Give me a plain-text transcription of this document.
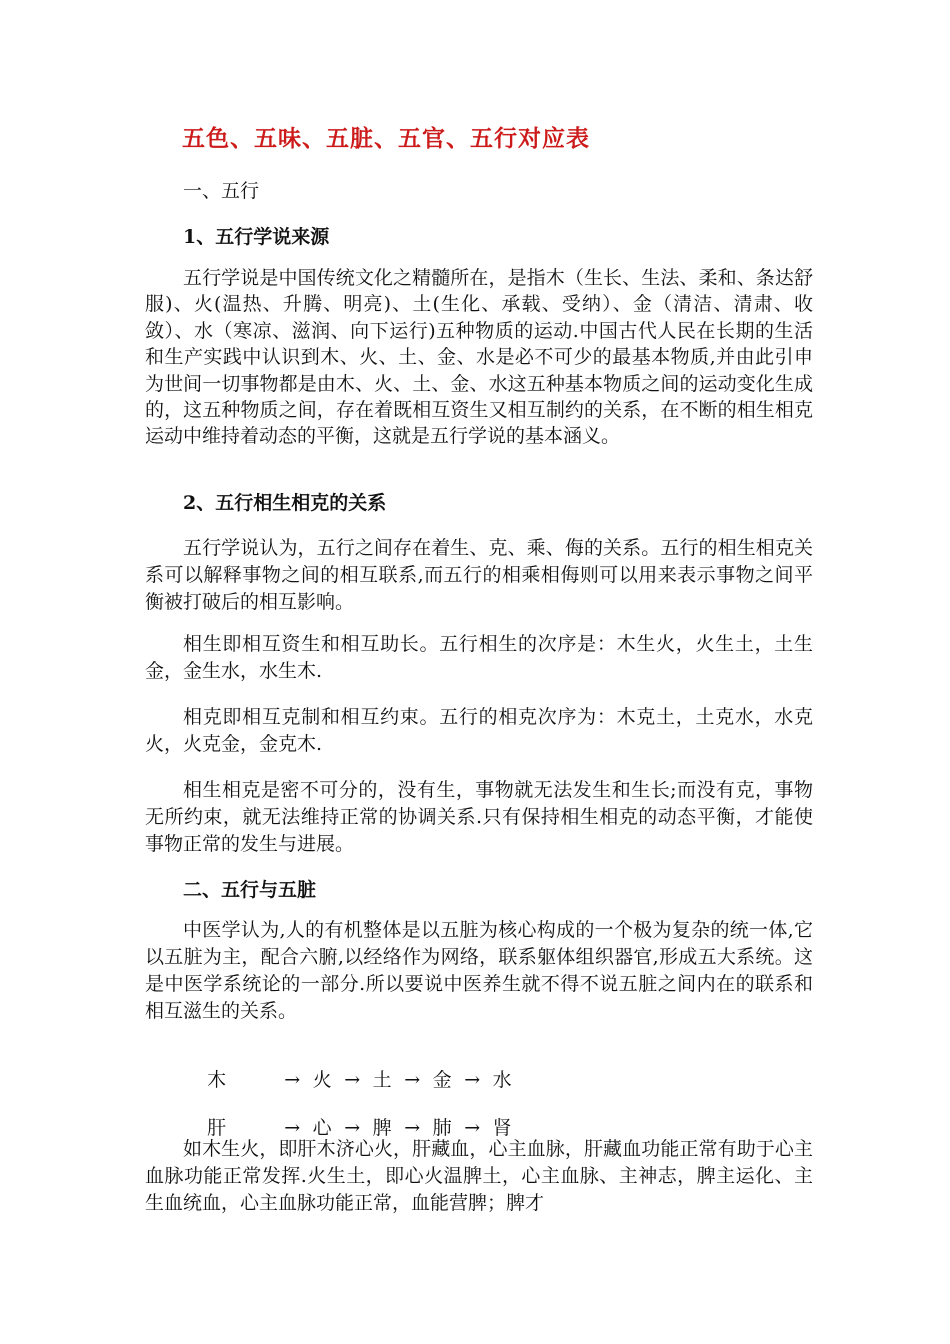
五色、五味、五脏、五官、五行对应表

一、五行

1、五行学说来源

五行学说是中国传统文化之精髓所在，是指木（生长、生法、柔和、条达舒服)、火(温热、升腾、明亮)、土(生化、承载、受纳）、金（清洁、清肃、收敛）、水（寒凉、滋润、向下运行)五种物质的运动.中国古代人民在长期的生活和生产实践中认识到木、火、土、金、水是必不可少的最基本物质,并由此引申为世间一切事物都是由木、火、土、金、水这五种基本物质之间的运动变化生成的，这五种物质之间，存在着既相互资生又相互制约的关系，在不断的相生相克运动中维持着动态的平衡，这就是五行学说的基本涵义。

2、五行相生相克的关系

五行学说认为，五行之间存在着生、克、乘、侮的关系。五行的相生相克关系可以解释事物之间的相互联系,而五行的相乘相侮则可以用来表示事物之间平衡被打破后的相互影响。

相生即相互资生和相互助长。五行相生的次序是：木生火，火生土，土生金，金生水，水生木.

相克即相互克制和相互约束。五行的相克次序为：木克土，土克水，水克火，火克金，金克木.

相生相克是密不可分的，没有生，事物就无法发生和生长;而没有克，事物无所约束，就无法维持正常的协调关系.只有保持相生相克的动态平衡，才能使事物正常的发生与进展。

二、五行与五脏

中医学认为,人的有机整体是以五脏为核心构成的一个极为复杂的统一体,它以五脏为主，配合六腑,以经络作为网络，联系躯体组织器官,形成五大系统。这是中医学系统论的一部分.所以要说中医养生就不得不说五脏之间内在的联系和相互滋生的关系。

木	→ 火 → 土 → 金 → 水

肝	→ 心 → 脾 → 肺 → 肾

如木生火，即肝木济心火，肝藏血，心主血脉，肝藏血功能正常有助于心主血脉功能正常发挥.火生土，即心火温脾土，心主血脉、主神志，脾主运化、主生血统血，心主血脉功能正常，血能营脾；脾才
